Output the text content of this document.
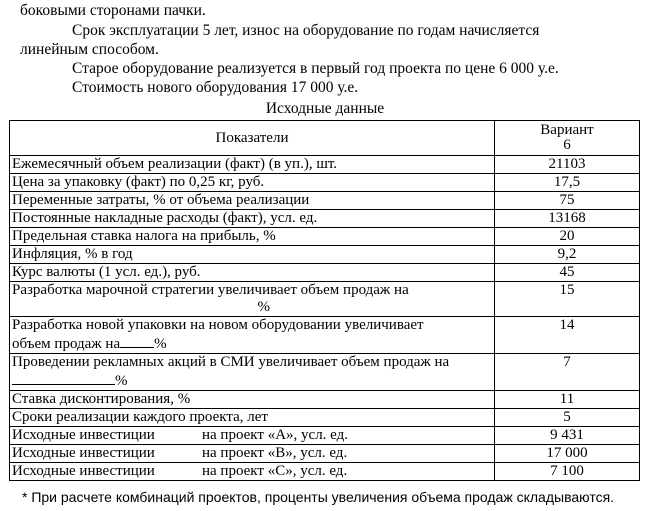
боковыми сторонами пачки.
Срок эксплуатации 5 лет, износ на оборудование по годам начисляется
линейным способом.
Старое оборудование реализуется в первый год проекта по цене 6 000 у.е.
Стоимость нового оборудования 17 000 у.е.
Исходные данные
Показатели	Вариант
6

Ежемесячный объем реализации (факт) (в уп.), шт.	21103
Цена за упаковку (факт) по 0,25 кг, руб.	17,5
Переменные затраты, % от объема реализации	75
Постоянные накладные расходы (факт), усл. ед.	13168
Предельная ставка налога на прибыль, %	20
Инфляция, % в год	9,2
Курс валюты (1 усл. ед.), руб.	45

Разработка марочной стратегии увеличивает объем продаж на
%	15

Разработка новой упаковки на новом оборудовании увеличивает
объем продаж на %	14

Проведении рекламных акций в СМИ увеличивает объем продаж на
%	7
Ставка дисконтирования, %	11
Сроки реализации каждого проекта, лет	5
Исходные инвестиции на проект «А», усл. ед.	9 431
Исходные инвестиции на проект «В», усл. ед.	17 000
Исходные инвестиции на проект «С», усл. ед.	7 100
* При расчете комбинаций проектов, проценты увеличения объема продаж складываются.
